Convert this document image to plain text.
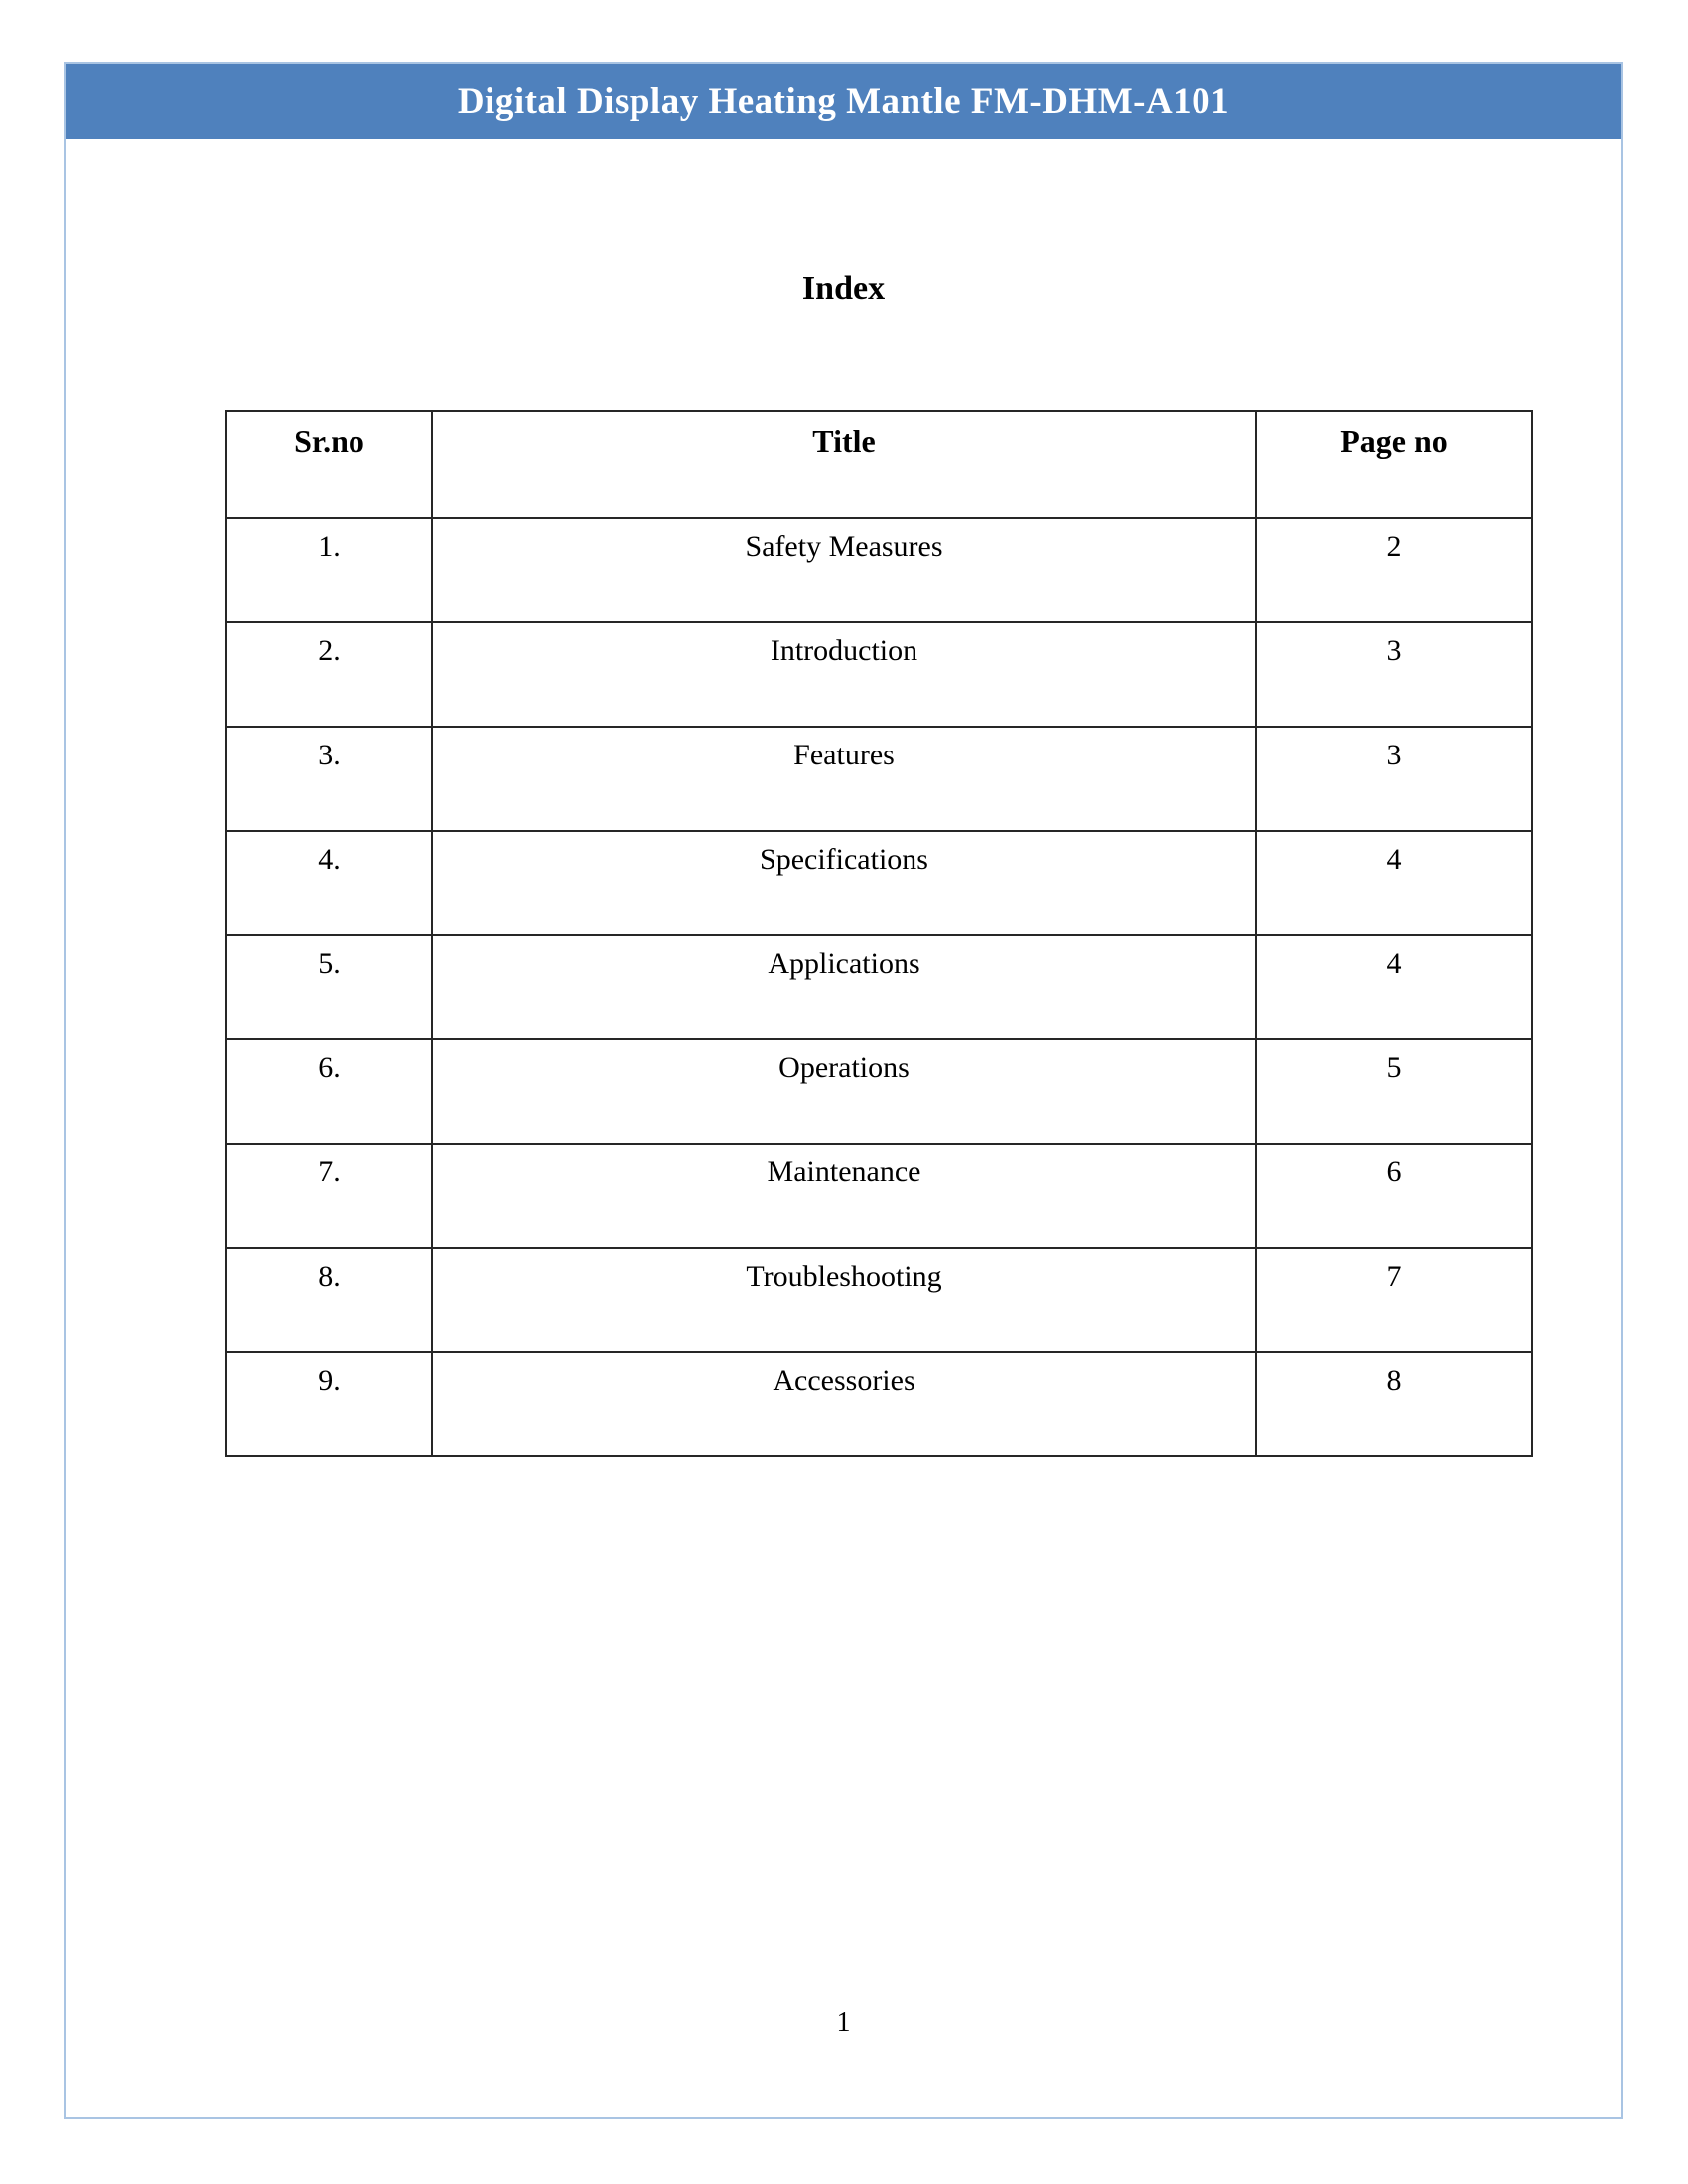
Digital Display Heating Mantle FM-DHM-A101
Index
Sr.no	Title	Page no
1.	Safety Measures	2
2.	Introduction	3
3.	Features	3
4.	Specifications	4
5.	Applications	4
6.	Operations	5
7.	Maintenance	6
8.	Troubleshooting	7
9.	Accessories	8
1
